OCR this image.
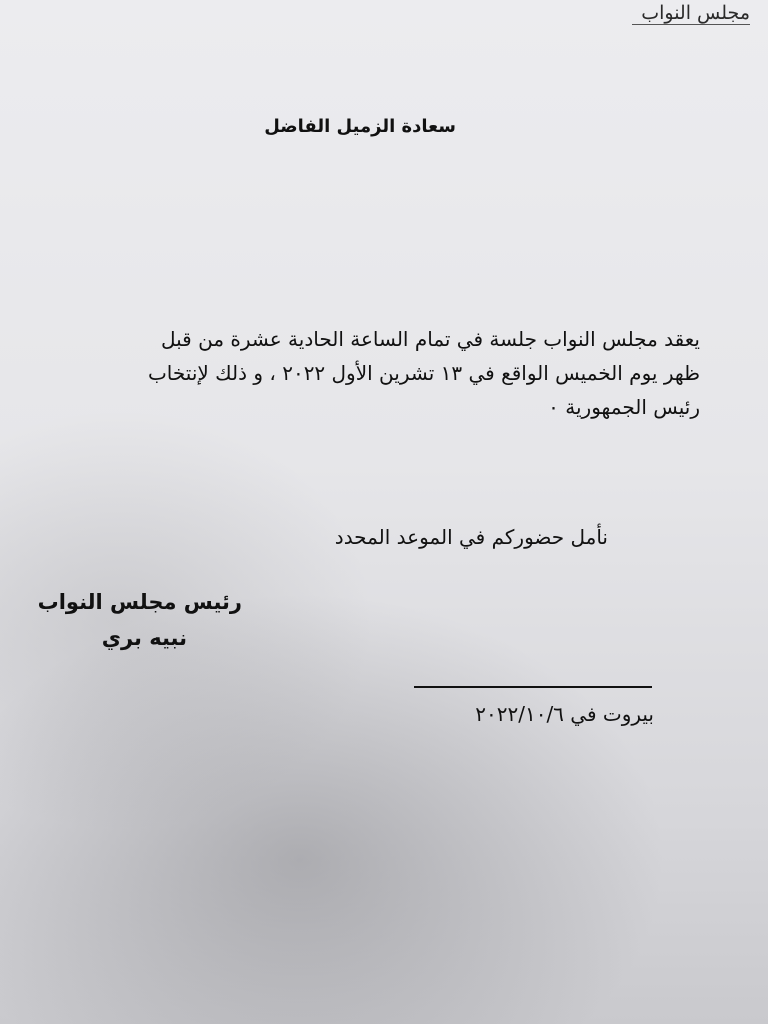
مجلس النواب
سعادة الزميل الفاضل
يعقد مجلس النواب جلسة في تمام الساعة الحادية عشرة من قبل
ظهر يوم الخميس الواقع في ١٣ تشرين الأول ٢٠٢٢ ، و ذلك لإنتخاب
رئيس الجمهورية ٠
نأمل حضوركم في الموعد المحدد
رئيس مجلس النواب
نبيه بري
بيروت في ٢٠٢٢/١٠/٦
